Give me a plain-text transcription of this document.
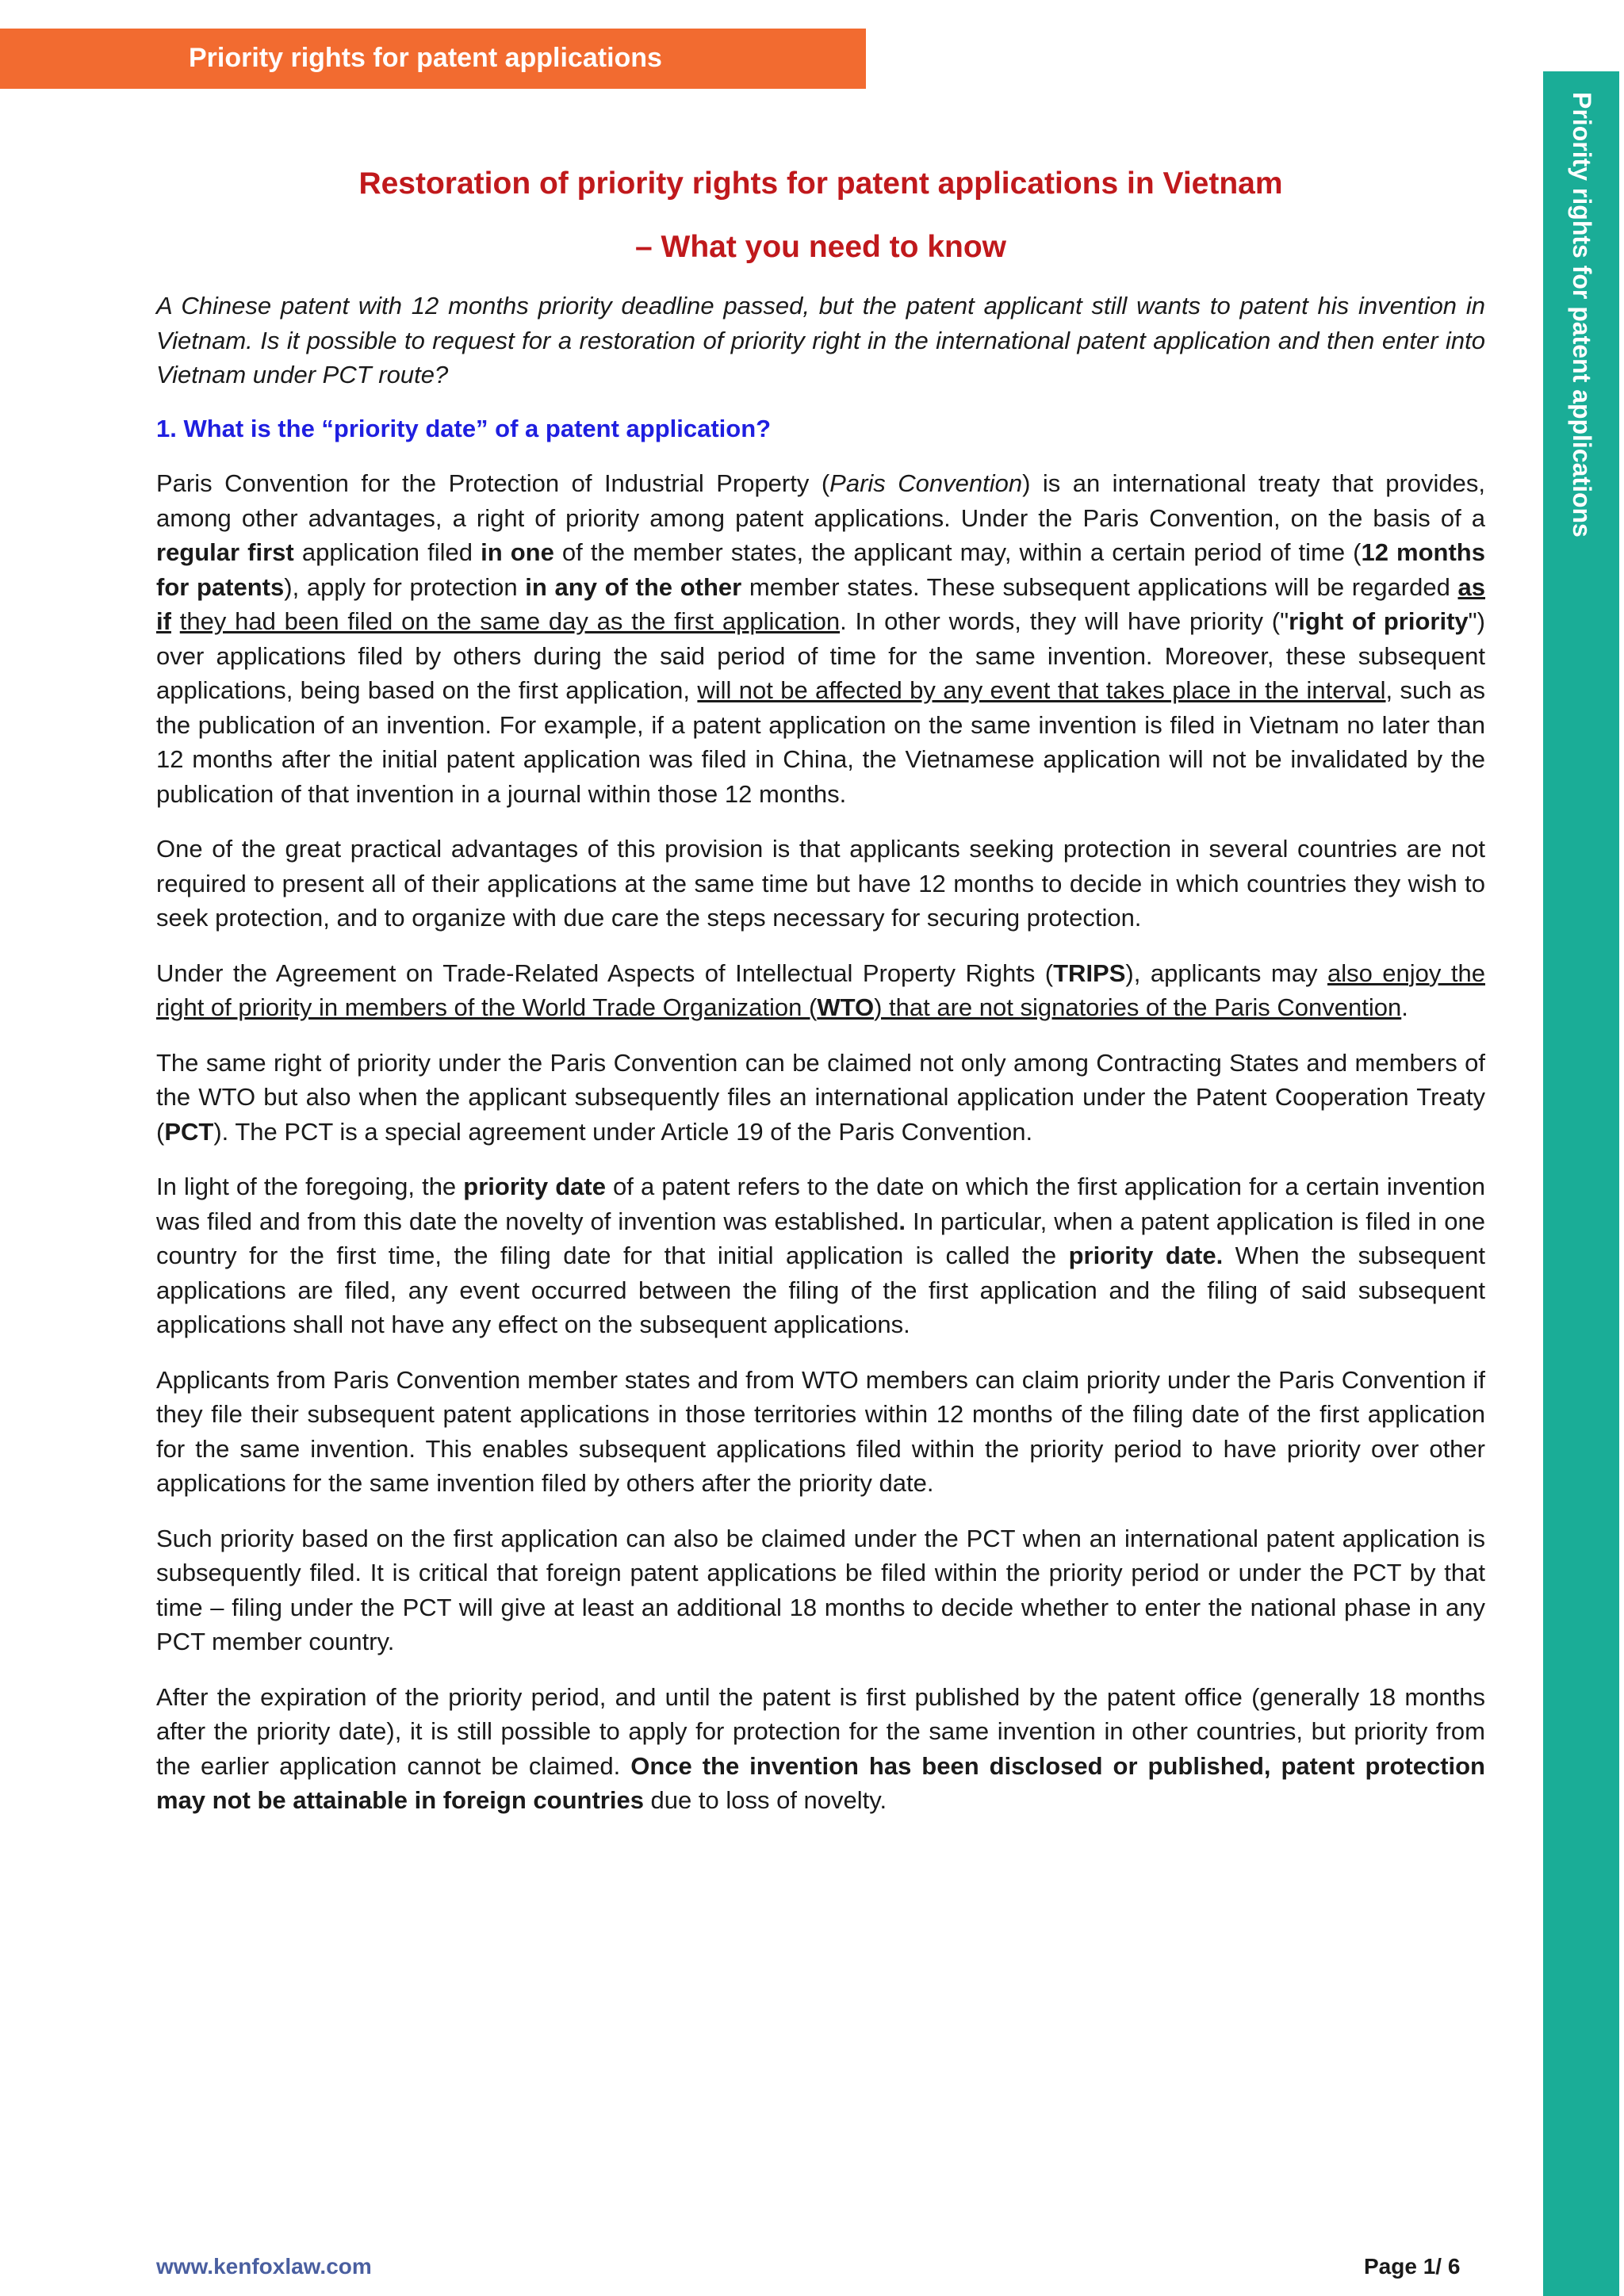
Priority rights for patent applications
Priority rights for patent applications

Restoration of priority rights for patent applications in Vietnam

– What you need to know

A Chinese patent with 12 months priority deadline passed, but the patent applicant still wants to patent his invention in Vietnam. Is it possible to request for a restoration of priority right in the international patent application and then enter into Vietnam under PCT route?

1. What is the “priority date” of a patent application?

Paris Convention for the Protection of Industrial Property (Paris Convention) is an international treaty that provides, among other advantages, a right of priority among patent applications. Under the Paris Convention, on the basis of a regular first application filed in one of the member states, the applicant may, within a certain period of time (12 months for patents), apply for protection in any of the other member states. These subsequent applications will be regarded as if they had been filed on the same day as the first application. In other words, they will have priority ("right of priority") over applications filed by others during the said period of time for the same invention. Moreover, these subsequent applications, being based on the first application, will not be affected by any event that takes place in the interval, such as the publication of an invention. For example, if a patent application on the same invention is filed in Vietnam no later than 12 months after the initial patent application was filed in China, the Vietnamese application will not be invalidated by the publication of that invention in a journal within those 12 months.

One of the great practical advantages of this provision is that applicants seeking protection in several countries are not required to present all of their applications at the same time but have 12 months to decide in which countries they wish to seek protection, and to organize with due care the steps necessary for securing protection.

Under the Agreement on Trade-Related Aspects of Intellectual Property Rights (TRIPS), applicants may also enjoy the right of priority in members of the World Trade Organization (WTO) that are not signatories of the Paris Convention.

The same right of priority under the Paris Convention can be claimed not only among Contracting States and members of the WTO but also when the applicant subsequently files an international application under the Patent Cooperation Treaty (PCT). The PCT is a special agreement under Article 19 of the Paris Convention.

In light of the foregoing, the priority date of a patent refers to the date on which the first application for a certain invention was filed and from this date the novelty of invention was established. In particular, when a patent application is filed in one country for the first time, the filing date for that initial application is called the priority date. When the subsequent applications are filed, any event occurred between the filing of the first application and the filing of said subsequent applications shall not have any effect on the subsequent applications.

Applicants from Paris Convention member states and from WTO members can claim priority under the Paris Convention if they file their subsequent patent applications in those territories within 12 months of the filing date of the first application for the same invention. This enables subsequent applications filed within the priority period to have priority over other applications for the same invention filed by others after the priority date.

Such priority based on the first application can also be claimed under the PCT when an international patent application is subsequently filed. It is critical that foreign patent applications be filed within the priority period or under the PCT by that time – filing under the PCT will give at least an additional 18 months to decide whether to enter the national phase in any PCT member country.

After the expiration of the priority period, and until the patent is first published by the patent office (generally 18 months after the priority date), it is still possible to apply for protection for the same invention in other countries, but priority from the earlier application cannot be claimed. Once the invention has been disclosed or published, patent protection may not be attainable in foreign countries due to loss of novelty.

www.kenfoxlaw.com	Page 1/ 6
